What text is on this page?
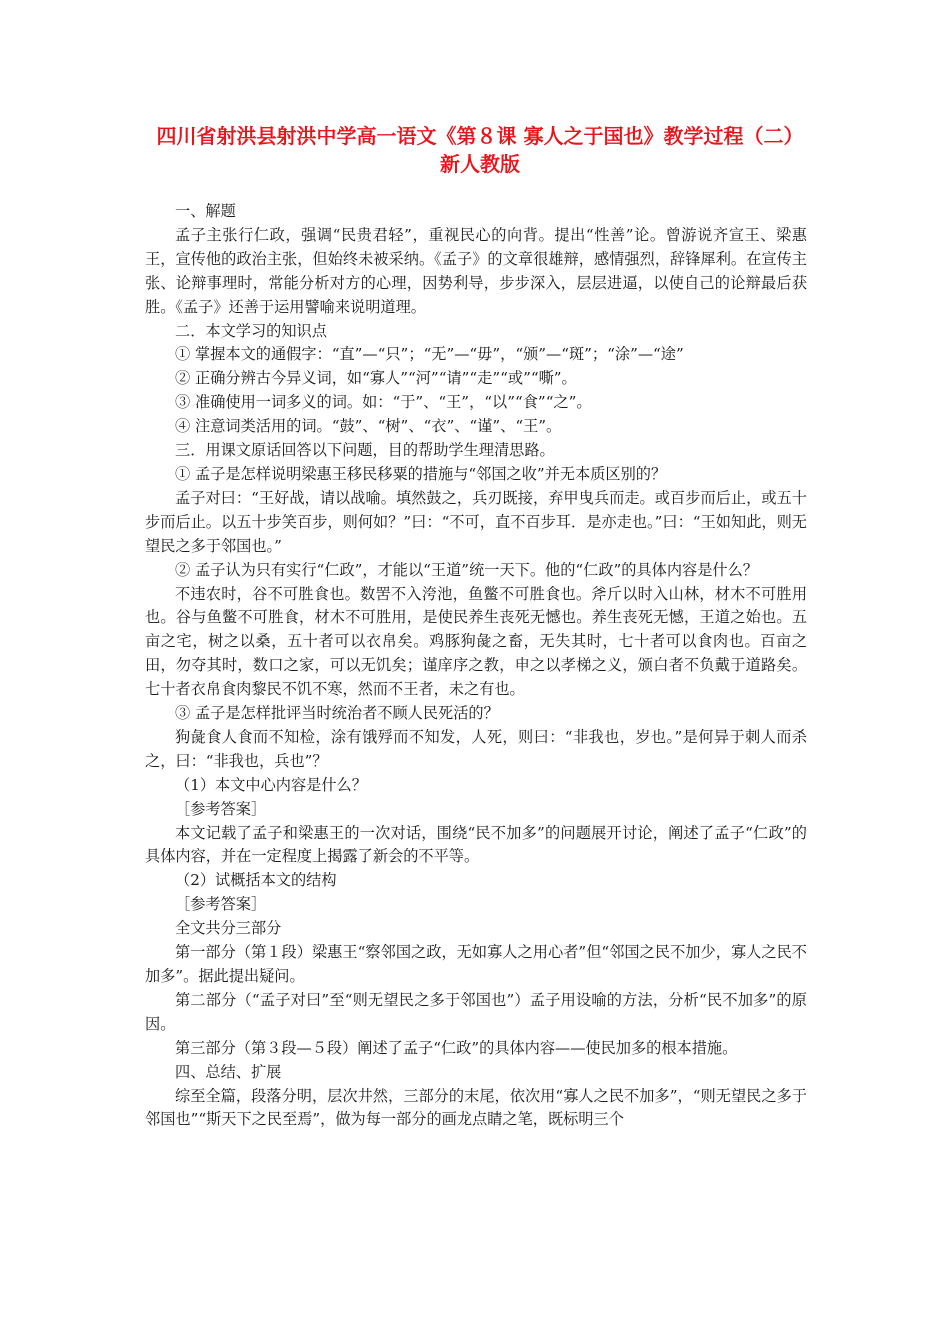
四川省射洪县射洪中学高一语文《第８课 寡人之于国也》教学过程（二）新人教版

一、解题

孟子主张行仁政，强调“民贵君轻”，重视民心的向背。提出“性善”论。曾游说齐宣王、梁惠王，宣传他的政治主张，但始终未被采纳。《孟子》的文章很雄辩，感情强烈，辞锋犀利。在宣传主张、论辩事理时，常能分析对方的心理，因势利导，步步深入，层层进逼，以使自己的论辩最后获胜。《孟子》还善于运用譬喻来说明道理。

二．本文学习的知识点

① 掌握本文的通假字：“直”—“只”；“无”—“毋”，“颁”—“斑”；“涂”—“途”

② 正确分辨古今异义词，如“寡人”“河”“请”“走”“或”“嘶”。

③ 准确使用一词多义的词。如：“于”、“王”，“以”“食”“之”。

④ 注意词类活用的词。“鼓”、“树”、“衣”、“谨”、“王”。

三．用课文原话回答以下问题，目的帮助学生理清思路。

① 孟子是怎样说明梁惠王移民移粟的措施与“邻国之收”并无本质区别的？

孟子对曰：“王好战，请以战喻。填然鼓之，兵刃既接，弃甲曳兵而走。或百步而后止，或五十步而后止。以五十步笑百步，则何如？”曰：“不可，直不百步耳．是亦走也。”曰：“王如知此，则无望民之多于邻国也。”

② 孟子认为只有实行“仁政”，才能以“王道”统一天下。他的“仁政”的具体内容是什么？

不违农时，谷不可胜食也。数罟不入洿池，鱼鳖不可胜食也。斧斤以时入山林，材木不可胜用也。谷与鱼鳖不可胜食，材木不可胜用，是使民养生丧死无憾也。养生丧死无憾，王道之始也。五亩之宅，树之以桑，五十者可以衣帛矣。鸡豚狗彘之畜，无失其时，七十者可以食肉也。百亩之田，勿夺其时，数口之家，可以无饥矣；谨庠序之教，申之以孝梯之义，颁白者不负戴于道路矣。七十者衣帛食肉黎民不饥不寒，然而不王者，未之有也。

③ 孟子是怎样批评当时统治者不顾人民死活的？

狗彘食人食而不知检，涂有饿殍而不知发，人死，则曰：“非我也，岁也。”是何异于刺人而杀之，曰：“非我也，兵也”？

（1）本文中心内容是什么？

［参考答案］

本文记载了孟子和梁惠王的一次对话，围绕“民不加多”的问题展开讨论，阐述了孟子“仁政”的具体内容，并在一定程度上揭露了新会的不平等。

（2）试概括本文的结构

［参考答案］

全文共分三部分

第一部分（第１段）梁惠王“察邻国之政，无如寡人之用心者”但“邻国之民不加少，寡人之民不加多”。据此提出疑问。

第二部分（“孟子对曰”至“则无望民之多于邻国也”）孟子用设喻的方法，分析“民不加多”的原因。

第三部分（第３段—５段）阐述了孟子“仁政”的具体内容——使民加多的根本措施。

四、总结、扩展

综至全篇，段落分明，层次井然，三部分的末尾，依次用“寡人之民不加多”，“则无望民之多于邻国也”“斯天下之民至焉”，做为每一部分的画龙点睛之笔，既标明三个
